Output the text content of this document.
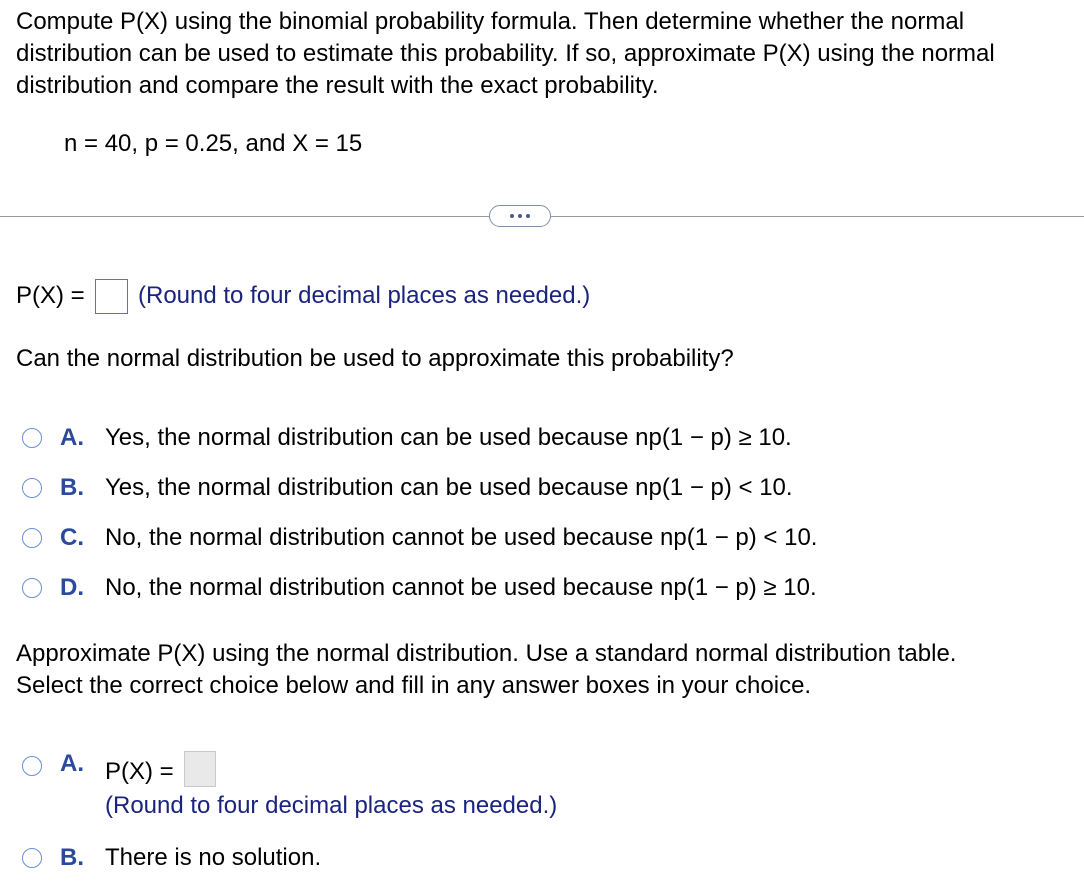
Compute P(X) using the binomial probability formula. Then determine whether the normal
distribution can be used to estimate this probability. If so, approximate P(X) using the normal
distribution and compare the result with the exact probability.
n = 40, p = 0.25, and X = 15
P(X) = (Round to four decimal places as needed.)
Can the normal distribution be used to approximate this probability?
A. Yes, the normal distribution can be used because np(1 − p) ≥ 10.
B. Yes, the normal distribution can be used because np(1 − p) < 10.
C. No, the normal distribution cannot be used because np(1 − p) < 10.
D. No, the normal distribution cannot be used because np(1 − p) ≥ 10.
Approximate P(X) using the normal distribution. Use a standard normal distribution table.
Select the correct choice below and fill in any answer boxes in your choice.
A. P(X) =
(Round to four decimal places as needed.)
B. There is no solution.
